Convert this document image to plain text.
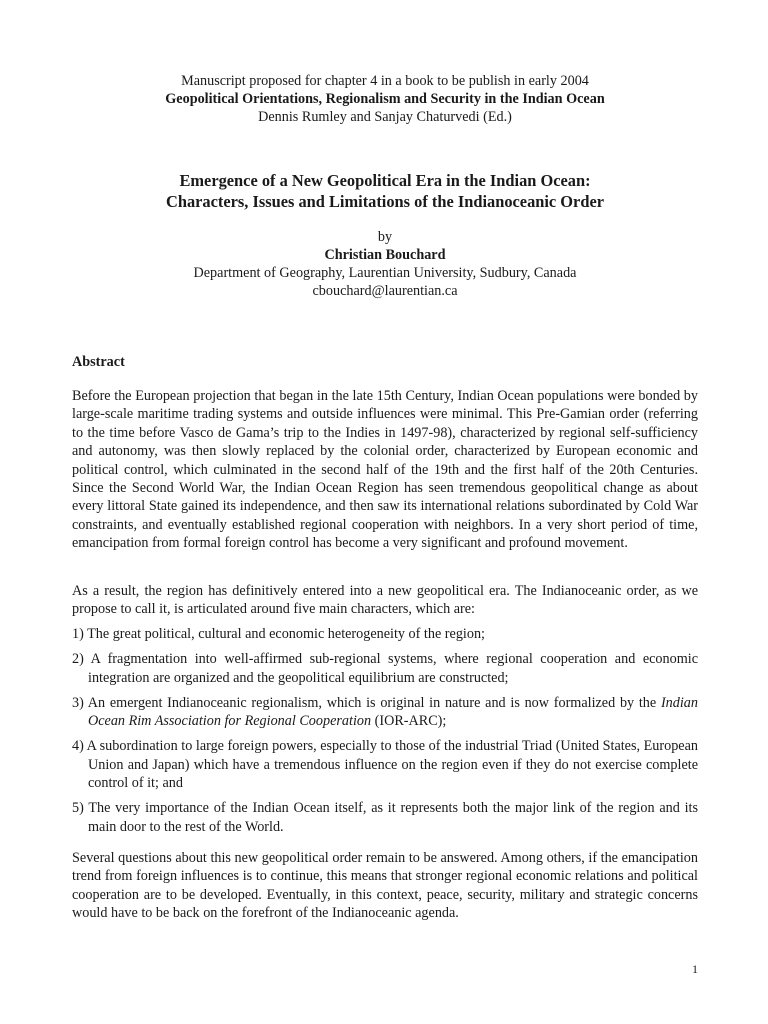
Manuscript proposed for chapter 4 in a book to be publish in early 2004
Geopolitical Orientations, Regionalism and Security in the Indian Ocean
Dennis Rumley and Sanjay Chaturvedi (Ed.)
Emergence of a New Geopolitical Era in the Indian Ocean:
Characters, Issues and Limitations of the Indianoceanic Order
by
Christian Bouchard
Department of Geography, Laurentian University, Sudbury, Canada
cbouchard@laurentian.ca
Abstract

Before the European projection that began in the late 15th Century, Indian Ocean populations were bonded by large-scale maritime trading systems and outside influences were minimal. This Pre-Gamian order (referring to the time before Vasco de Gama’s trip to the Indies in 1497-98), characterized by regional self-sufficiency and autonomy, was then slowly replaced by the colonial order, characterized by European economic and political control, which culminated in the second half of the 19th and the first half of the 20th Centuries. Since the Second World War, the Indian Ocean Region has seen tremendous geopolitical change as about every littoral State gained its independence, and then saw its international relations subordinated by Cold War constraints, and eventually established regional cooperation with neighbors. In a very short period of time, emancipation from formal foreign control has become a very significant and profound movement.

As a result, the region has definitively entered into a new geopolitical era. The Indianoceanic order, as we propose to call it, is articulated around five main characters, which are:

1) The great political, cultural and economic heterogeneity of the region;
2) A fragmentation into well-affirmed sub-regional systems, where regional cooperation and economic integration are organized and the geopolitical equilibrium are constructed;
3) An emergent Indianoceanic regionalism, which is original in nature and is now formalized by the Indian Ocean Rim Association for Regional Cooperation (IOR-ARC);
4) A subordination to large foreign powers, especially to those of the industrial Triad (United States, European Union and Japan) which have a tremendous influence on the region even if they do not exercise complete control of it; and
5) The very importance of the Indian Ocean itself, as it represents both the major link of the region and its main door to the rest of the World.

Several questions about this new geopolitical order remain to be answered. Among others, if the emancipation trend from foreign influences is to continue, this means that stronger regional economic relations and political cooperation are to be developed. Eventually, in this context, peace, security, military and strategic concerns would have to be back on the forefront of the Indianoceanic agenda.

1
